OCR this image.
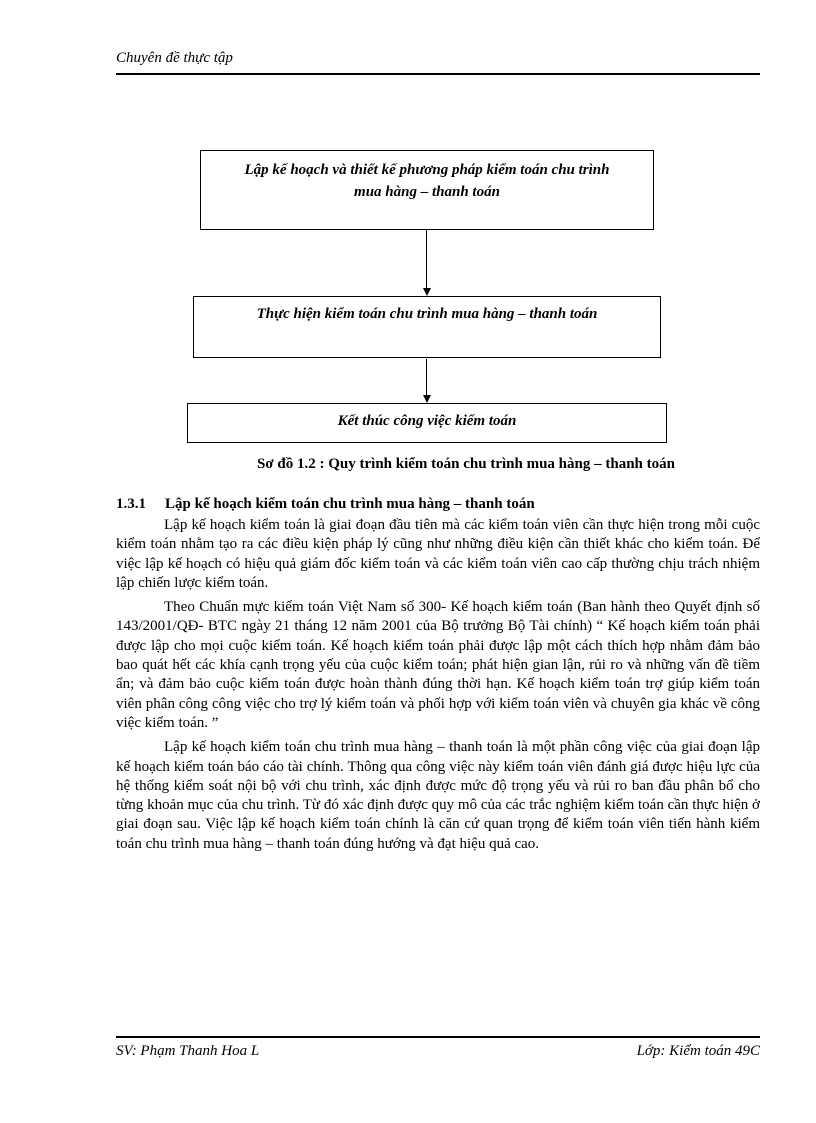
Chuyên đề thực tập
Lập kế hoạch và thiết kế phương pháp kiểm toán chu trình
mua hàng – thanh toán
Thực hiện kiểm toán chu trình mua hàng – thanh toán
Kết thúc công việc kiểm toán
Sơ đồ 1.2 : Quy trình kiểm toán chu trình mua hàng – thanh toán
1.3.1 Lập kế hoạch kiểm toán chu trình mua hàng – thanh toán

Lập kế hoạch kiểm toán là giai đoạn đầu tiên mà các kiểm toán viên cần thực hiện trong mỗi cuộc kiểm toán nhằm tạo ra các điều kiện pháp lý cũng như những điều kiện cần thiết khác cho kiểm toán. Để việc lập kế hoạch có hiệu quả giám đốc kiểm toán và các kiểm toán viên cao cấp thường chịu trách nhiệm lập chiến lược kiểm toán.

Theo Chuẩn mực kiểm toán Việt Nam số 300- Kế hoạch kiểm toán (Ban hành theo Quyết định số 143/2001/QĐ- BTC ngày 21 tháng 12 năm 2001 của Bộ trưởng Bộ Tài chính) “ Kế hoạch kiểm toán phải được lập cho mọi cuộc kiểm toán. Kế hoạch kiểm toán phải được lập một cách thích hợp nhằm đảm bảo bao quát hết các khía cạnh trọng yếu của cuộc kiểm toán; phát hiện gian lận, rủi ro và những vấn đề tiềm ẩn; và đảm bảo cuộc kiểm toán được hoàn thành đúng thời hạn. Kế hoạch kiểm toán trợ giúp kiểm toán viên phân công công việc cho trợ lý kiểm toán và phối hợp với kiểm toán viên và chuyên gia khác về công việc kiểm toán. ”

Lập kế hoạch kiểm toán chu trình mua hàng – thanh toán là một phần công việc của giai đoạn lập kế hoạch kiểm toán báo cáo tài chính. Thông qua công việc này kiểm toán viên đánh giá được hiệu lực của hệ thống kiểm soát nội bộ với chu trình, xác định được mức độ trọng yếu và rủi ro ban đầu phân bổ cho từng khoản mục của chu trình. Từ đó xác định được quy mô của các trắc nghiệm kiểm toán cần thực hiện ở giai đoạn sau. Việc lập kế hoạch kiểm toán chính là căn cứ quan trọng để kiểm toán viên tiến hành kiểm toán chu trình mua hàng – thanh toán đúng hướng và đạt hiệu quả cao.

SV: Phạm Thanh Hoa L	Lớp: Kiểm toán 49C
